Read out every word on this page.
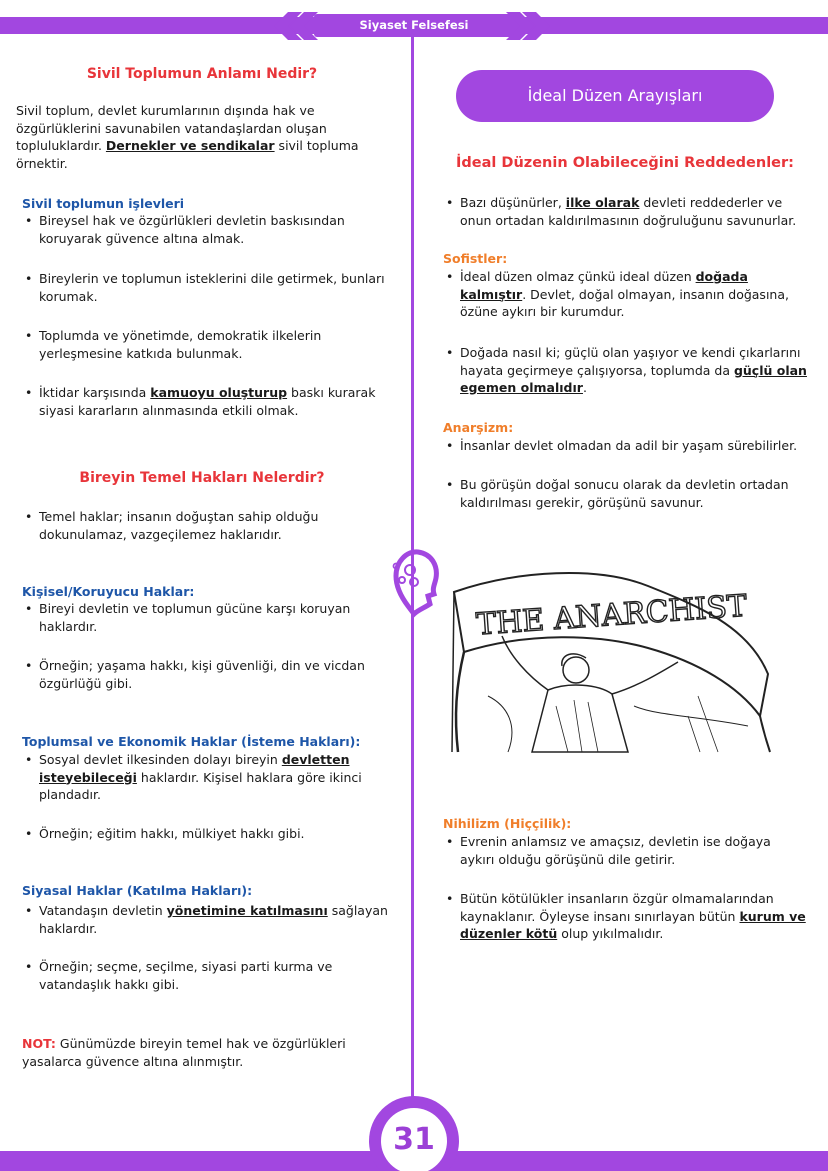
Siyaset Felsefesi
Sivil Toplumun Anlamı Nedir?
Sivil toplum, devlet kurumlarının dışında hak ve özgürlüklerini savunabilen vatandaşlardan oluşan topluluklardır. Dernekler ve sendikalar sivil topluma örnektir.
Sivil toplumun işlevleri
• Bireysel hak ve özgürlükleri devletin baskısından koruyarak güvence altına almak.
• Bireylerin ve toplumun isteklerini dile getirmek, bunları korumak.
• Toplumda ve yönetimde, demokratik ilkelerin yerleşmesine katkıda bulunmak.
• İktidar karşısında kamuoyu oluşturup baskı kurarak siyasi kararların alınmasında etkili olmak.
Bireyin Temel Hakları Nelerdir?
• Temel haklar; insanın doğuştan sahip olduğu dokunulamaz, vazgeçilemez haklarıdır.
Kişisel/Koruyucu Haklar:
• Bireyi devletin ve toplumun gücüne karşı koruyan haklardır.
• Örneğin; yaşama hakkı, kişi güvenliği, din ve vicdan özgürlüğü gibi.
Toplumsal ve Ekonomik Haklar (İsteme Hakları):
• Sosyal devlet ilkesinden dolayı bireyin devletten isteyebileceği haklardır. Kişisel haklara göre ikinci plandadır.
• Örneğin; eğitim hakkı, mülkiyet hakkı gibi.
Siyasal Haklar (Katılma Hakları):
• Vatandaşın devletin yönetimine katılmasını sağlayan haklardır.
• Örneğin; seçme, seçilme, siyasi parti kurma ve vatandaşlık hakkı gibi.
NOT: Günümüzde bireyin temel hak ve özgürlükleri yasalarca güvence altına alınmıştır.
İdeal Düzen Arayışları
İdeal Düzenin Olabileceğini Reddedenler:
• Bazı düşünürler, ilke olarak devleti reddederler ve onun ortadan kaldırılmasının doğruluğunu savunurlar.
Sofistler:
• İdeal düzen olmaz çünkü ideal düzen doğada kalmıştır. Devlet, doğal olmayan, insanın doğasına, özüne aykırı bir kurumdur.
• Doğada nasıl ki; güçlü olan yaşıyor ve kendi çıkarlarını hayata geçirmeye çalışıyorsa, toplumda da güçlü olan egemen olmalıdır.
Anarşizm:
• İnsanlar devlet olmadan da adil bir yaşam sürebilirler.
• Bu görüşün doğal sonucu olarak da devletin ortadan kaldırılması gerekir, görüşünü savunur.
THE ANARCHIST
Nihilizm (Hiççilik):
• Evrenin anlamsız ve amaçsız, devletin ise doğaya aykırı olduğu görüşünü dile getirir.
• Bütün kötülükler insanların özgür olmamalarından kaynaklanır. Öyleyse insanı sınırlayan bütün kurum ve düzenler kötü olup yıkılmalıdır.
31
